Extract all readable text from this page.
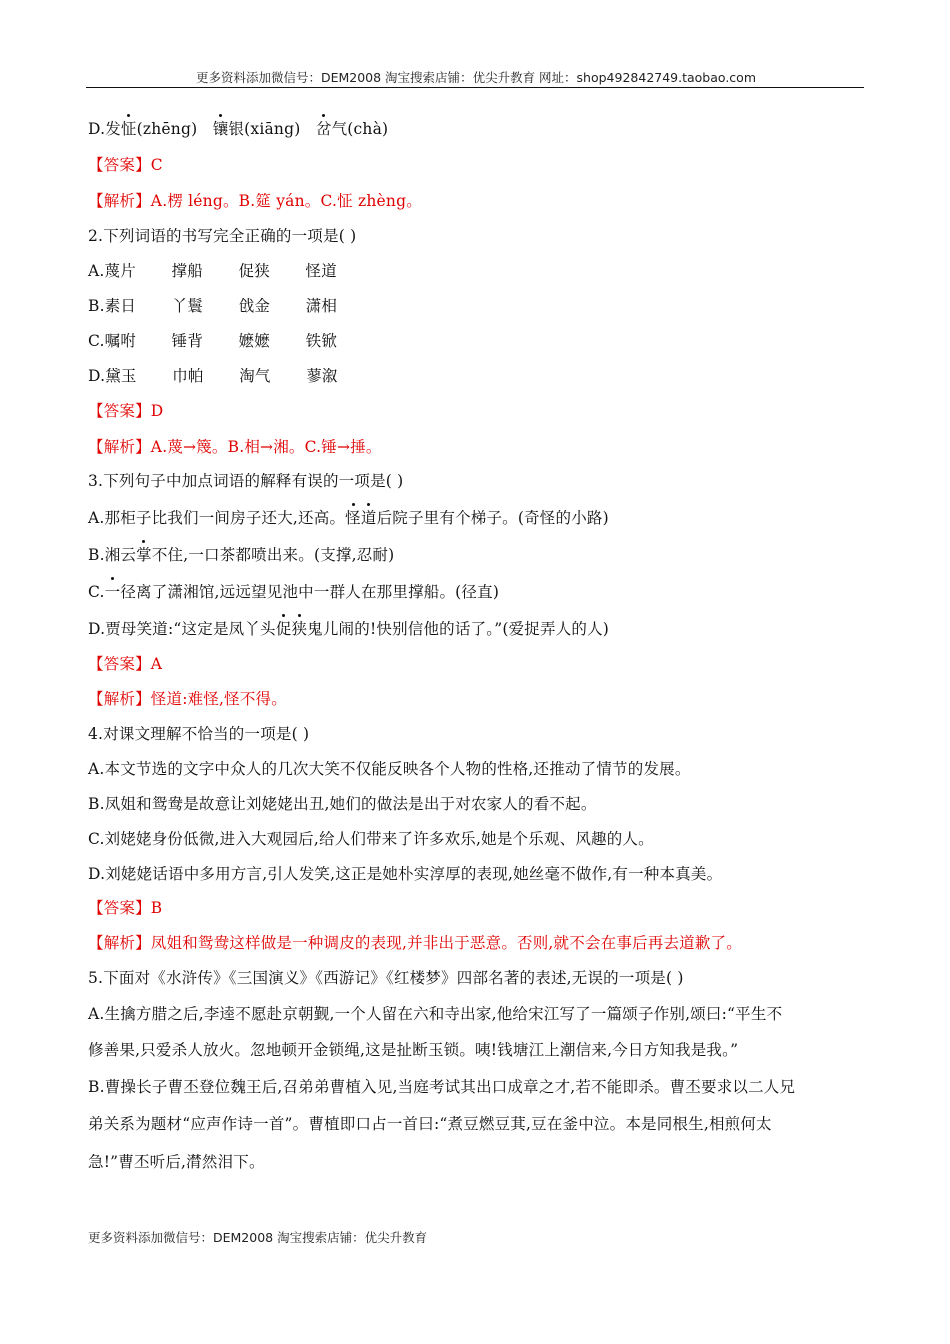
更多资料添加微信号：DEM2008 淘宝搜索店铺：优尖升教育 网址：shop492842749.taobao.com
D.发怔(zhēng) 镶银(xiāng) 岔气(chà)
【答案】C
【解析】A.楞 léng。B.筵 yán。C.怔 zhèng。
2.下列词语的书写完全正确的一项是( )
A.蔑片 撑船 促狭 怪道
B.素日 丫鬟 戗金 潇相
C.嘱咐 锤背 嬷嬷 铁锨
D.黛玉 巾帕 淘气 蓼溆
【答案】D
【解析】A.蔑→篾。B.相→湘。C.锤→捶。
3.下列句子中加点词语的解释有误的一项是( )
A.那柜子比我们一间房子还大,还高。怪道后院子里有个梯子。(奇怪的小路)
B.湘云掌不住,一口茶都喷出来。(支撑,忍耐)
C.一径离了潇湘馆,远远望见池中一群人在那里撑船。(径直)
D.贾母笑道:“这定是凤丫头促狭鬼儿闹的!快别信他的话了。”(爱捉弄人的人)
【答案】A
【解析】怪道:难怪,怪不得。
4.对课文理解不恰当的一项是( )
A.本文节选的文字中众人的几次大笑不仅能反映各个人物的性格,还推动了情节的发展。
B.凤姐和鸳鸯是故意让刘姥姥出丑,她们的做法是出于对农家人的看不起。
C.刘姥姥身份低微,进入大观园后,给人们带来了许多欢乐,她是个乐观、风趣的人。
D.刘姥姥话语中多用方言,引人发笑,这正是她朴实淳厚的表现,她丝毫不做作,有一种本真美。
【答案】B
【解析】凤姐和鸳鸯这样做是一种调皮的表现,并非出于恶意。否则,就不会在事后再去道歉了。
5.下面对《水浒传》《三国演义》《西游记》《红楼梦》四部名著的表述,无误的一项是( )
A.生擒方腊之后,李逵不愿赴京朝觐,一个人留在六和寺出家,他给宋江写了一篇颂子作别,颂曰:“平生不
修善果,只爱杀人放火。忽地顿开金锁绳,这是扯断玉锁。咦!钱塘江上潮信来,今日方知我是我。”
B.曹操长子曹丕登位魏王后,召弟弟曹植入见,当庭考试其出口成章之才,若不能即杀。曹丕要求以二人兄
弟关系为题材“应声作诗一首”。曹植即口占一首曰:“煮豆燃豆萁,豆在釜中泣。本是同根生,相煎何太
急!”曹丕听后,潸然泪下。
更多资料添加微信号：DEM2008 淘宝搜索店铺：优尖升教育
